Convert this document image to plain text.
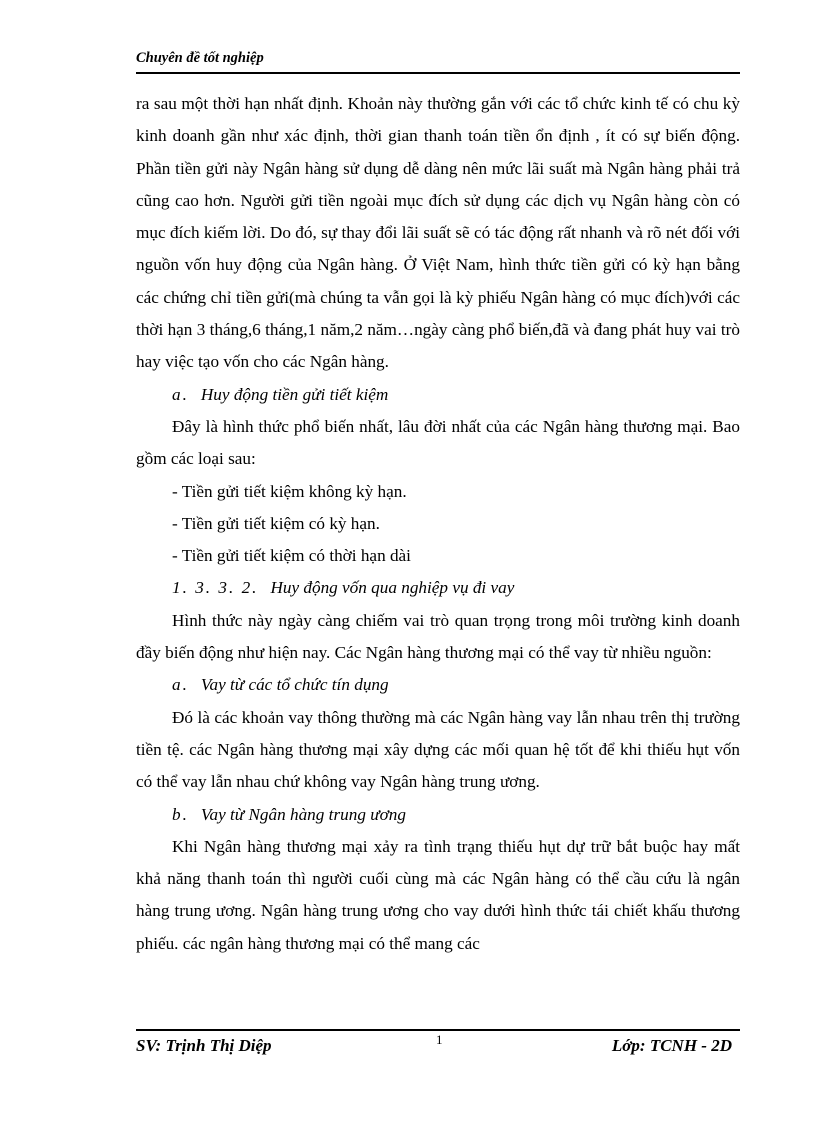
Chuyên đề tốt nghiệp

ra sau một thời hạn nhất định. Khoản này thường gắn với các tổ chức kinh tế có chu kỳ kinh doanh gần như xác định, thời gian thanh toán tiền ổn định , ít có sự biến động. Phần tiền gửi này Ngân hàng sử dụng dễ dàng nên mức lãi suất mà Ngân hàng phải trả cũng cao hơn. Người gửi tiền ngoài mục đích sử dụng các dịch vụ Ngân hàng còn có mục đích kiếm lời. Do đó, sự thay đổi lãi suất sẽ có tác động rất nhanh và rõ nét đối với nguồn vốn huy động của Ngân hàng. Ở Việt Nam, hình thức tiền gửi có kỳ hạn bằng các chứng chỉ tiền gửi(mà chúng ta vẫn gọi là kỳ phiếu Ngân hàng có mục đích)với các thời hạn 3 tháng,6 tháng,1 năm,2 năm…ngày càng phổ biến,đã và đang phát huy vai trò hay việc tạo vốn cho các Ngân hàng.

a. Huy động tiền gửi tiết kiệm

Đây là hình thức phổ biến nhất, lâu đời nhất của các Ngân hàng thương mại. Bao gồm các loại sau:

- Tiền gửi tiết kiệm không kỳ hạn.

- Tiền gửi tiết kiệm có kỳ hạn.

- Tiền gửi tiết kiệm có thời hạn dài

1. 3. 3. 2. Huy động vốn qua nghiệp vụ đi vay

Hình thức này ngày càng chiếm vai trò quan trọng trong môi trường kinh doanh đầy biến động như hiện nay. Các Ngân hàng thương mại có thể vay từ nhiều nguồn:

a. Vay từ các tổ chức tín dụng

Đó là các khoản vay thông thường mà các Ngân hàng vay lẫn nhau trên thị trường tiền tệ. các Ngân hàng thương mại xây dựng các mối quan hệ tốt để khi thiếu hụt vốn có thể vay lẫn nhau chứ không vay Ngân hàng trung ương.

b. Vay từ Ngân hàng trung ương

Khi Ngân hàng thương mại xảy ra tình trạng thiếu hụt dự trữ bắt buộc hay mất khả năng thanh toán thì người cuối cùng mà các Ngân hàng có thể cầu cứu là ngân hàng trung ương. Ngân hàng trung ương cho vay dưới hình thức tái chiết khấu thương phiếu. các ngân hàng thương mại có thể mang các

SV: Trịnh Thị Diệp	1	Lớp: TCNH - 2D
